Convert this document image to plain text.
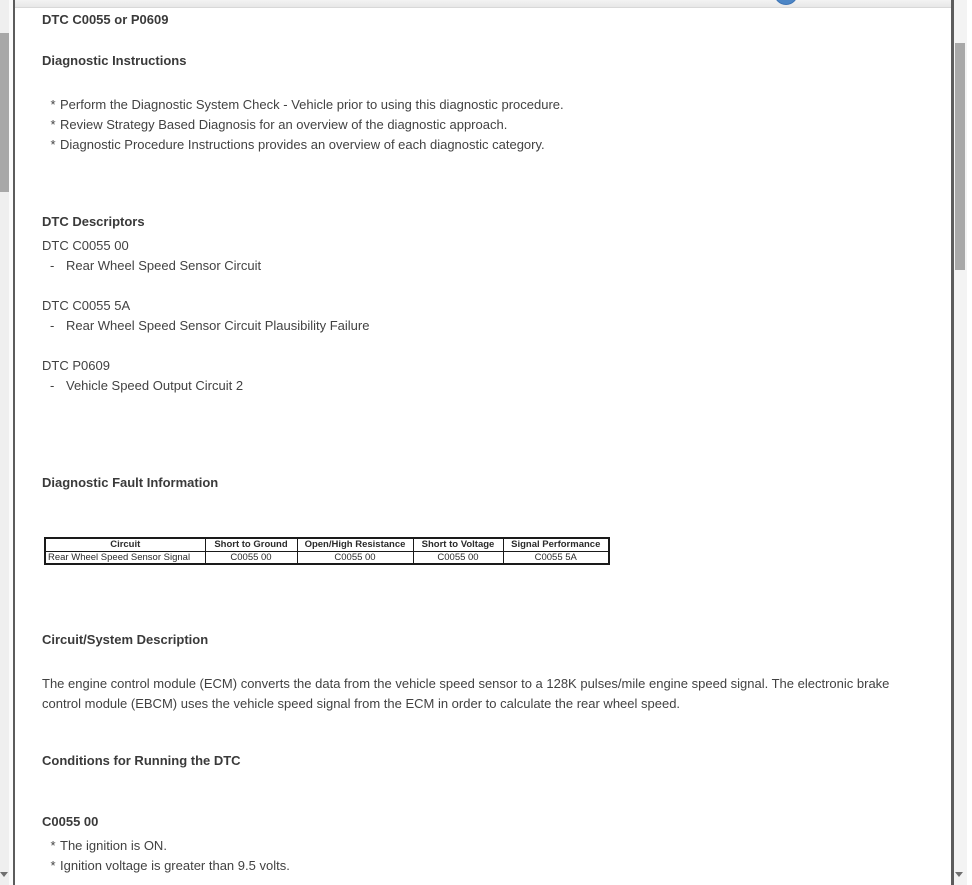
DTC C0055 or P0609
Diagnostic Instructions
* Perform the Diagnostic System Check - Vehicle prior to using this diagnostic procedure.
* Review Strategy Based Diagnosis for an overview of the diagnostic approach.
* Diagnostic Procedure Instructions provides an overview of each diagnostic category.
DTC Descriptors
DTC C0055 00
- Rear Wheel Speed Sensor Circuit
DTC C0055 5A
- Rear Wheel Speed Sensor Circuit Plausibility Failure
DTC P0609
- Vehicle Speed Output Circuit 2
Diagnostic Fault Information
Circuit	Short to Ground	Open/High Resistance	Short to Voltage	Signal Performance
Rear Wheel Speed Sensor Signal	C0055 00	C0055 00	C0055 00	C0055 5A
Circuit/System Description
The engine control module (ECM) converts the data from the vehicle speed sensor to a 128K pulses/mile engine speed signal. The electronic brake control module (EBCM) uses the vehicle speed signal from the ECM in order to calculate the rear wheel speed.
Conditions for Running the DTC
C0055 00
* The ignition is ON.
* Ignition voltage is greater than 9.5 volts.
